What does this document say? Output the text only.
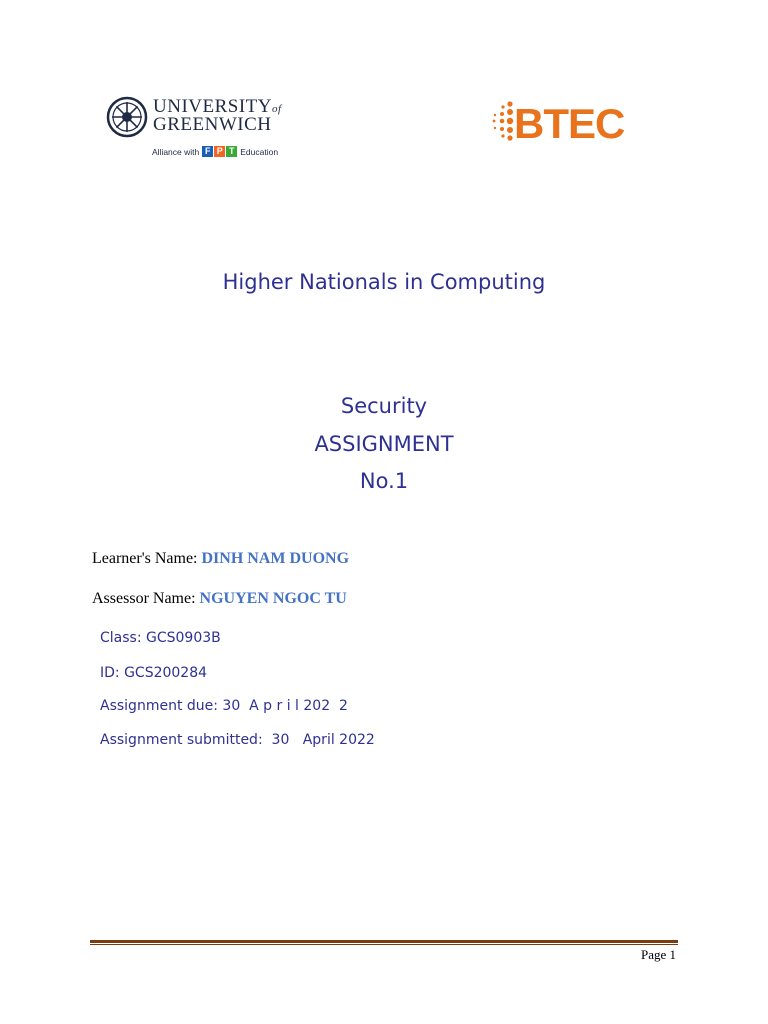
UNIVERSITYof
GREENWICH
Alliance with F P T Education
BTEC
Higher Nationals in Computing
Security
ASSIGNMENT
No.1
Learner's Name: DINH NAM DUONG
Assessor Name: NGUYEN NGOC TU
Class: GCS0903B
ID: GCS200284
Assignment due: 30  A p r i l 202  2
Assignment submitted:  30   April 2022
Page 1
